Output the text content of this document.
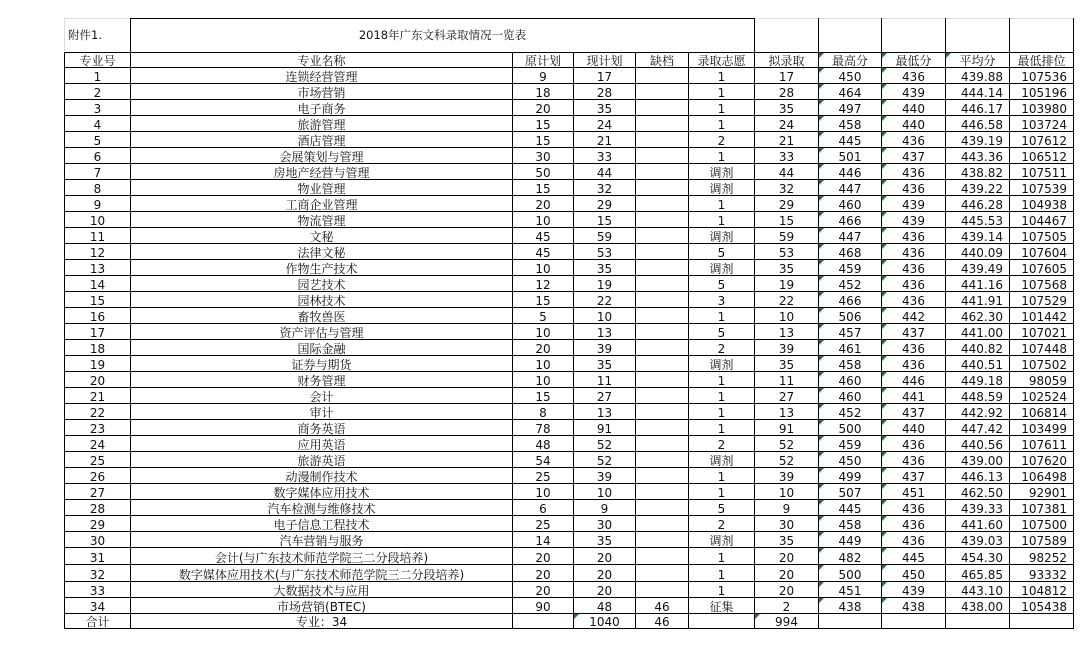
附件1.	2018年广东文科录取情况一览表									
专业号	专业名称	原计划	现计划	缺档	录取志愿	拟录取	最高分	最低分	平均分	最低排位
1	连锁经营管理	9	17		1	17	450	436	439.88	107536
2	市场营销	18	28		1	28	464	439	444.14	105196
3	电子商务	20	35		1	35	497	440	446.17	103980
4	旅游管理	15	24		1	24	458	440	446.58	103724
5	酒店管理	15	21		2	21	445	436	439.19	107612
6	会展策划与管理	30	33		1	33	501	437	443.36	106512
7	房地产经营与管理	50	44		调剂	44	446	436	438.82	107511
8	物业管理	15	32		调剂	32	447	436	439.22	107539
9	工商企业管理	20	29		1	29	460	439	446.28	104938
10	物流管理	10	15		1	15	466	439	445.53	104467
11	文秘	45	59		调剂	59	447	436	439.14	107505
12	法律文秘	45	53		5	53	468	436	440.09	107604
13	作物生产技术	10	35		调剂	35	459	436	439.49	107605
14	园艺技术	12	19		5	19	452	436	441.16	107568
15	园林技术	15	22		3	22	466	436	441.91	107529
16	畜牧兽医	5	10		1	10	506	442	462.30	101442
17	资产评估与管理	10	13		5	13	457	437	441.00	107021
18	国际金融	20	39		2	39	461	436	440.82	107448
19	证券与期货	10	35		调剂	35	458	436	440.51	107502
20	财务管理	10	11		1	11	460	446	449.18	98059
21	会计	15	27		1	27	460	441	448.59	102524
22	审计	8	13		1	13	452	437	442.92	106814
23	商务英语	78	91		1	91	500	440	447.42	103499
24	应用英语	48	52		2	52	459	436	440.56	107611
25	旅游英语	54	52		调剂	52	450	436	439.00	107620
26	动漫制作技术	25	39		1	39	499	437	446.13	106498
27	数字媒体应用技术	10	10		1	10	507	451	462.50	92901
28	汽车检测与维修技术	6	9		5	9	445	436	439.33	107381
29	电子信息工程技术	25	30		2	30	458	436	441.60	107500
30	汽车营销与服务	14	35		调剂	35	449	436	439.03	107589
31	会计(与广东技术师范学院三二分段培养)	20	20		1	20	482	445	454.30	98252
32	数字媒体应用技术(与广东技术师范学院三二分段培养)	20	20		1	20	500	450	465.85	93332
33	大数据技术与应用	20	20		1	20	451	439	443.10	104812
34	市场营销(BTEC)	90	48	46	征集	2	438	438	438.00	105438
合计	专业：34		1040	46		994				
